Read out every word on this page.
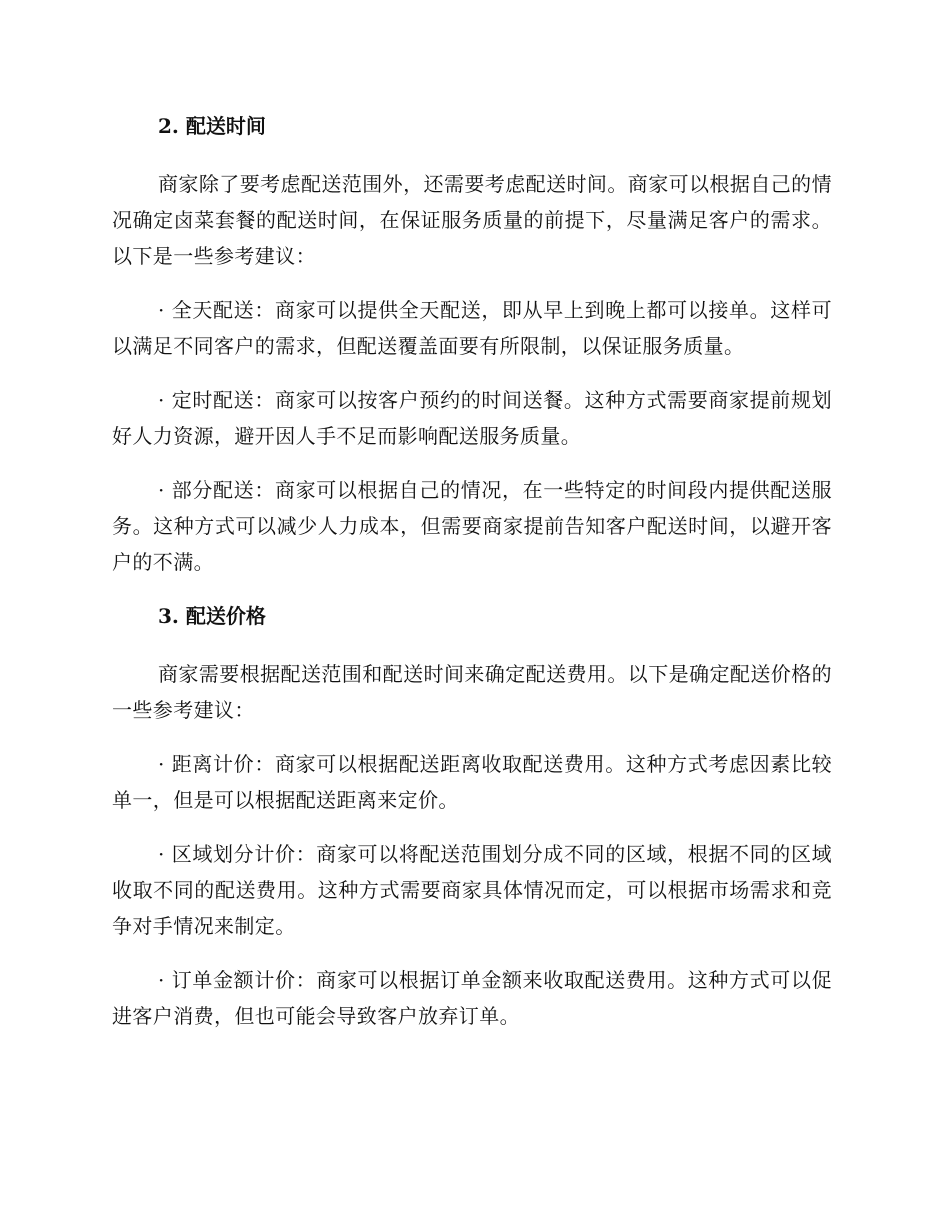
2. 配送时间

商家除了要考虑配送范围外，还需要考虑配送时间。商家可以根据自己的情况确定卤菜套餐的配送时间，在保证服务质量的前提下，尽量满足客户的需求。以下是一些参考建议：

· 全天配送：商家可以提供全天配送，即从早上到晚上都可以接单。这样可以满足不同客户的需求，但配送覆盖面要有所限制，以保证服务质量。

· 定时配送：商家可以按客户预约的时间送餐。这种方式需要商家提前规划好人力资源，避开因人手不足而影响配送服务质量。

· 部分配送：商家可以根据自己的情况，在一些特定的时间段内提供配送服务。这种方式可以减少人力成本，但需要商家提前告知客户配送时间，以避开客户的不满。

3. 配送价格

商家需要根据配送范围和配送时间来确定配送费用。以下是确定配送价格的一些参考建议：

· 距离计价：商家可以根据配送距离收取配送费用。这种方式考虑因素比较单一，但是可以根据配送距离来定价。

· 区域划分计价：商家可以将配送范围划分成不同的区域，根据不同的区域收取不同的配送费用。这种方式需要商家具体情况而定，可以根据市场需求和竞争对手情况来制定。

· 订单金额计价：商家可以根据订单金额来收取配送费用。这种方式可以促进客户消费，但也可能会导致客户放弃订单。
